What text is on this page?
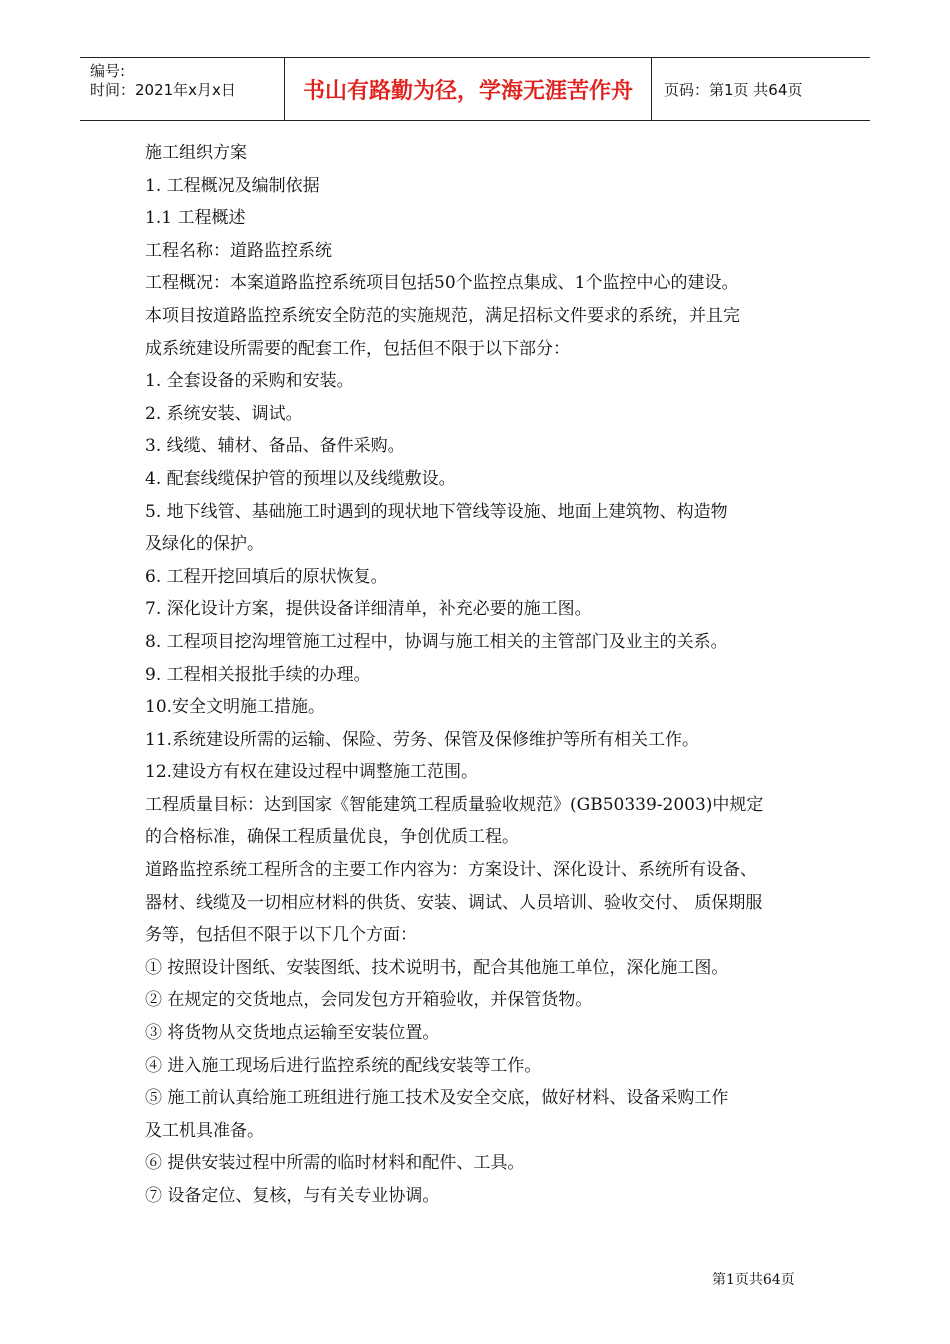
编号:
时间：2021年x月x日	书山有路勤为径，学海无涯苦作舟	页码：第1页 共64页
施工组织方案
1. 工程概况及编制依据
1.1 工程概述
工程名称：道路监控系统
工程概况：本案道路监控系统项目包括50个监控点集成、1个监控中心的建设。
本项目按道路监控系统安全防范的实施规范，满足招标文件要求的系统，并且完
成系统建设所需要的配套工作，包括但不限于以下部分：
1. 全套设备的采购和安装。
2. 系统安装、调试。
3. 线缆、辅材、备品、备件采购。
4. 配套线缆保护管的预埋以及线缆敷设。
5. 地下线管、基础施工时遇到的现状地下管线等设施、地面上建筑物、构造物
及绿化的保护。
6. 工程开挖回填后的原状恢复。
7. 深化设计方案，提供设备详细清单，补充必要的施工图。
8. 工程项目挖沟埋管施工过程中，协调与施工相关的主管部门及业主的关系。
9. 工程相关报批手续的办理。
10.安全文明施工措施。
11.系统建设所需的运输、保险、劳务、保管及保修维护等所有相关工作。
12.建设方有权在建设过程中调整施工范围。
工程质量目标：达到国家《智能建筑工程质量验收规范》(GB50339-2003)中规定
的合格标准，确保工程质量优良，争创优质工程。
道路监控系统工程所含的主要工作内容为：方案设计、深化设计、系统所有设备、
器材、线缆及一切相应材料的供货、安装、调试、人员培训、验收交付、 质保期服
务等，包括但不限于以下几个方面：
① 按照设计图纸、安装图纸、技术说明书，配合其他施工单位，深化施工图。
② 在规定的交货地点，会同发包方开箱验收，并保管货物。
③ 将货物从交货地点运输至安装位置。
④ 进入施工现场后进行监控系统的配线安装等工作。
⑤ 施工前认真给施工班组进行施工技术及安全交底，做好材料、设备采购工作
及工机具准备。
⑥ 提供安装过程中所需的临时材料和配件、工具。
⑦ 设备定位、复核，与有关专业协调。
第1页共64页
